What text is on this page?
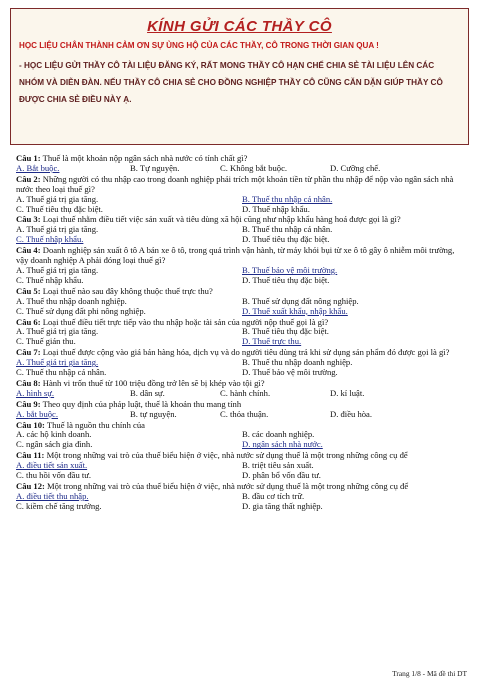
KÍNH GỬI CÁC THẦY CÔ
HỌC LIỆU CHÂN THÀNH CẢM ƠN SỰ ỦNG HỘ CỦA CÁC THẦY, CÔ TRONG THỜI GIAN QUA !
- HỌC LIỆU GỬI THẦY CÔ TÀI LIỆU ĐĂNG KÝ, RẤT MONG THẦY CÔ HẠN CHẾ CHIA SẺ TÀI LIỆU LÊN CÁC NHÓM VÀ DIỄN ĐÀN. NẾU THẦY CÔ CHIA SẺ CHO ĐỒNG NGHIỆP THẦY CÔ CŨNG CĂN DẶN GIÚP THẦY CÔ ĐƯỢC CHIA SẺ ĐIỀU NÀY Ạ.
Câu 1: Thuế là một khoản nộp ngân sách nhà nước có tính chất gì?
A. Bắt buộc.	B. Tự nguyện.	C. Không bắt buộc.	D. Cưỡng chế.
Câu 2: Những người có thu nhập cao trong doanh nghiệp phải trích một khoản tiền từ phần thu nhập để nộp vào ngân sách nhà nước theo loại thuế gì?
A. Thuế giá trị gia tăng.	B. Thuế thu nhập cá nhân.
C. Thuế tiêu thụ đặc biệt.	D. Thuế nhập khẩu.
Câu 3: Loại thuế nhằm điều tiết việc sản xuất và tiêu dùng xã hội cũng như nhập khẩu hàng hoá được gọi là gì?
A. Thuế giá trị gia tăng.	B. Thuế thu nhập cá nhân.
C. Thuế nhập khẩu.	D. Thuế tiêu thụ đặc biệt.
Câu 4: Doanh nghiệp sản xuất ô tô A bán xe ô tô, trong quá trình vận hành, từ máy khói bụi từ xe ô tô gây ô nhiễm môi trường, vậy doanh nghiệp A phải đóng loại thuế gì?
A. Thuế giá trị gia tăng.	B. Thuế bảo vệ môi trường.
C. Thuế nhập khẩu.	D. Thuế tiêu thụ đặc biệt.
Câu 5: Loại thuế nào sau đây không thuộc thuế trực thu?
A. Thuế thu nhập doanh nghiệp.	B. Thuế sử dụng đất nông nghiệp.
C. Thuế sử dụng đất phi nông nghiệp.	D. Thuế xuất khẩu, nhập khẩu.
Câu 6: Loại thuế điều tiết trực tiếp vào thu nhập hoặc tài sản của người nộp thuế gọi là gì?
A. Thuế giá trị gia tăng.	B. Thuế tiêu thụ đặc biệt.
C. Thuế gián thu.	D. Thuế trực thu.
Câu 7: Loại thuế được cộng vào giá bán hàng hóa, dịch vụ và do người tiêu dùng trả khi sử dụng sản phẩm đó được gọi là gì?
A. Thuế giá trị gia tăng.	B. Thuế thu nhập doanh nghiệp.
C. Thuế thu nhập cá nhân.	D. Thuế bảo vệ môi trường.
Câu 8: Hành vi trốn thuế từ 100 triệu đồng trở lên sẽ bị khép vào tội gì?
A. hình sự.	B. dân sự.	C. hành chính.	D. kỉ luật.
Câu 9: Theo quy định của pháp luật, thuế là khoản thu mang tính
A. bắt buộc.	B. tự nguyện.	C. thỏa thuận.	D. điều hòa.
Câu 10: Thuế là nguồn thu chính của
A. các hộ kinh doanh.	B. các doanh nghiệp.
C. ngân sách gia đình.	D. ngân sách nhà nước.
Câu 11: Một trong những vai trò của thuế biểu hiện ở việc, nhà nước sử dụng thuế là một trong những công cụ để
A. điều tiết sản xuất.	B. triệt tiêu sản xuất.
C. thu hồi vốn đầu tư.	D. phân bổ vốn đầu tư.
Câu 12: Một trong những vai trò của thuế biểu hiện ở việc, nhà nước sử dụng thuế là một trong những công cụ để
A. điều tiết thu nhập.	B. đầu cơ tích trữ.
C. kiềm chế tăng trưởng.	D. gia tăng thất nghiệp.
Trang 1/8 - Mã đề thi DT
